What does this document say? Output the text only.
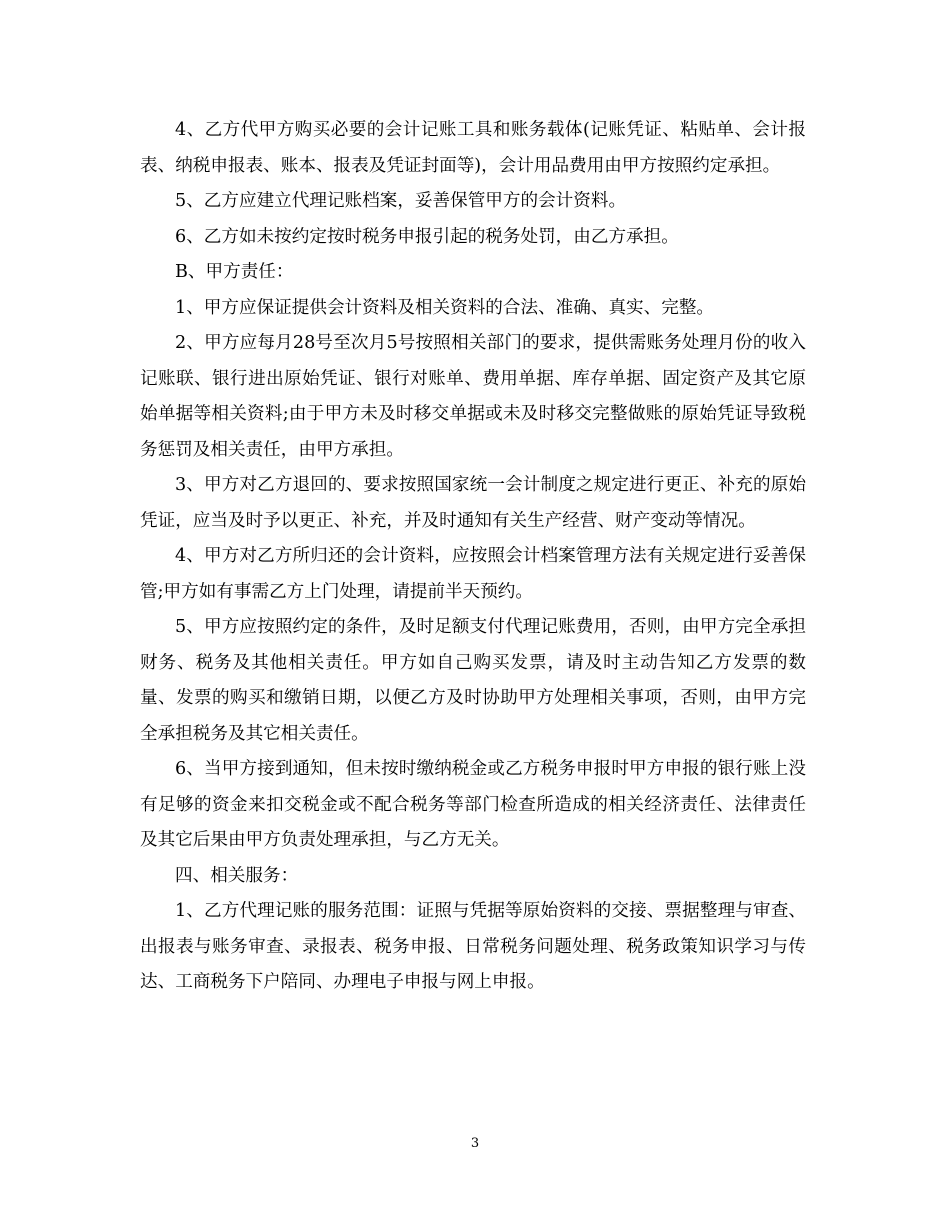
4、乙方代甲方购买必要的会计记账工具和账务载体(记账凭证、粘贴单、会计报表、纳税申报表、账本、报表及凭证封面等)，会计用品费用由甲方按照约定承担。

5、乙方应建立代理记账档案，妥善保管甲方的会计资料。

6、乙方如未按约定按时税务申报引起的税务处罚，由乙方承担。

B、甲方责任：

1、甲方应保证提供会计资料及相关资料的合法、准确、真实、完整。

2、甲方应每月28号至次月5号按照相关部门的要求，提供需账务处理月份的收入记账联、银行进出原始凭证、银行对账单、费用单据、库存单据、固定资产及其它原始单据等相关资料;由于甲方未及时移交单据或未及时移交完整做账的原始凭证导致税务惩罚及相关责任，由甲方承担。

3、甲方对乙方退回的、要求按照国家统一会计制度之规定进行更正、补充的原始凭证，应当及时予以更正、补充，并及时通知有关生产经营、财产变动等情况。

4、甲方对乙方所归还的会计资料，应按照会计档案管理方法有关规定进行妥善保管;甲方如有事需乙方上门处理，请提前半天预约。

5、甲方应按照约定的条件，及时足额支付代理记账费用，否则，由甲方完全承担财务、税务及其他相关责任。甲方如自己购买发票，请及时主动告知乙方发票的数量、发票的购买和缴销日期，以便乙方及时协助甲方处理相关事项，否则，由甲方完全承担税务及其它相关责任。

6、当甲方接到通知，但未按时缴纳税金或乙方税务申报时甲方申报的银行账上没有足够的资金来扣交税金或不配合税务等部门检查所造成的相关经济责任、法律责任及其它后果由甲方负责处理承担，与乙方无关。

四、相关服务：

1、乙方代理记账的服务范围：证照与凭据等原始资料的交接、票据整理与审查、出报表与账务审查、录报表、税务申报、日常税务问题处理、税务政策知识学习与传达、工商税务下户陪同、办理电子申报与网上申报。

3
